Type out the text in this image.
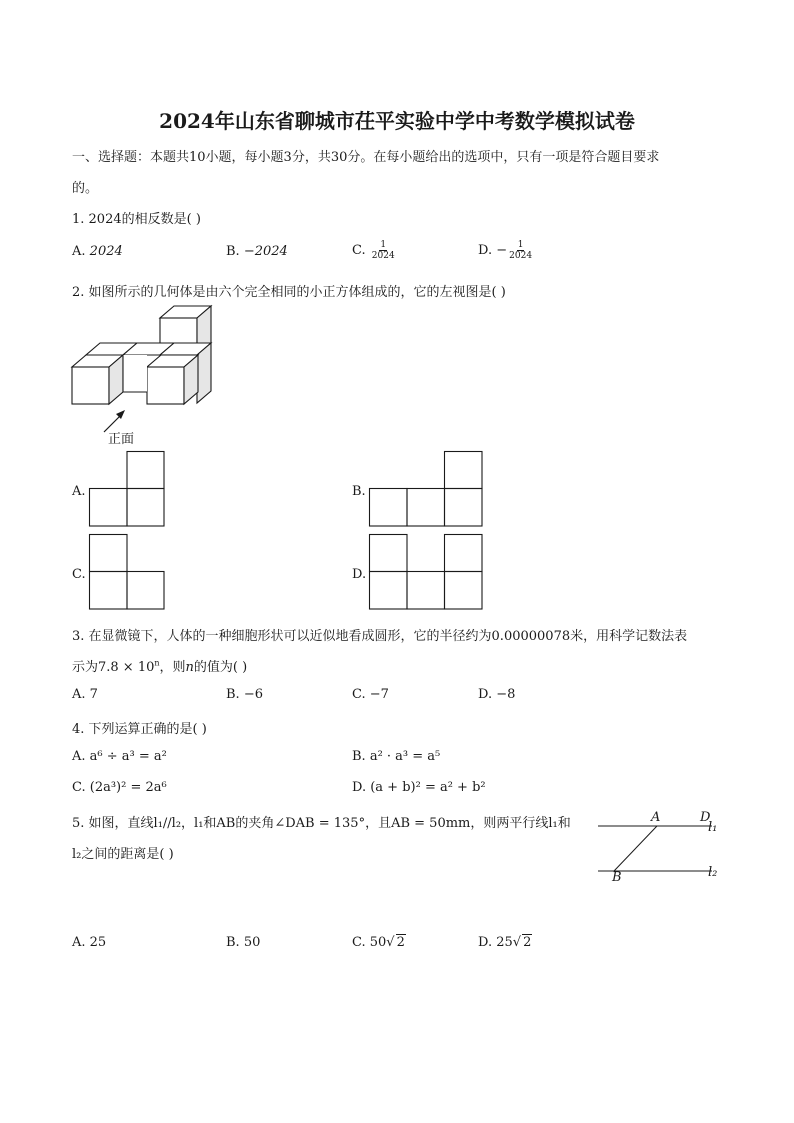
2024年山东省聊城市茌平实验中学中考数学模拟试卷
一、选择题：本题共10小题，每小题3分，共30分。在每小题给出的选项中，只有一项是符合题目要求
的。
1. 2024的相反数是( )
A. 2024	B. −2024	C. $\frac{1}{2024}$	D. − $\frac{1}{2024}$
2. 如图所示的几何体是由六个完全相同的小正方体组成的，它的左视图是( )
正面
A.	B.
C.	D.
3. 在显微镜下，人体的一种细胞形状可以近似地看成圆形，它的半径约为0.00000078米，用科学记数法表
示为$7.8 \times 10^n$，则n的值为( )
A. 7	B. −6	C. −7	D. −8
4. 下列运算正确的是( )
A. a⁶ ÷ a³ = a²	B. a² · a³ = a⁵
C. (2a³)² = 2a⁶	D. (a + b)² = a² + b²
5. 如图，直线l₁//l₂，l₁和AB的夹角∠DAB = 135°，且AB = 50mm，则两平行线l₁和
l₂之间的距离是( )
A	D
l₁
B	l₂
A. 25	B. 50	C. 50√ 2	D. 25√ 2
